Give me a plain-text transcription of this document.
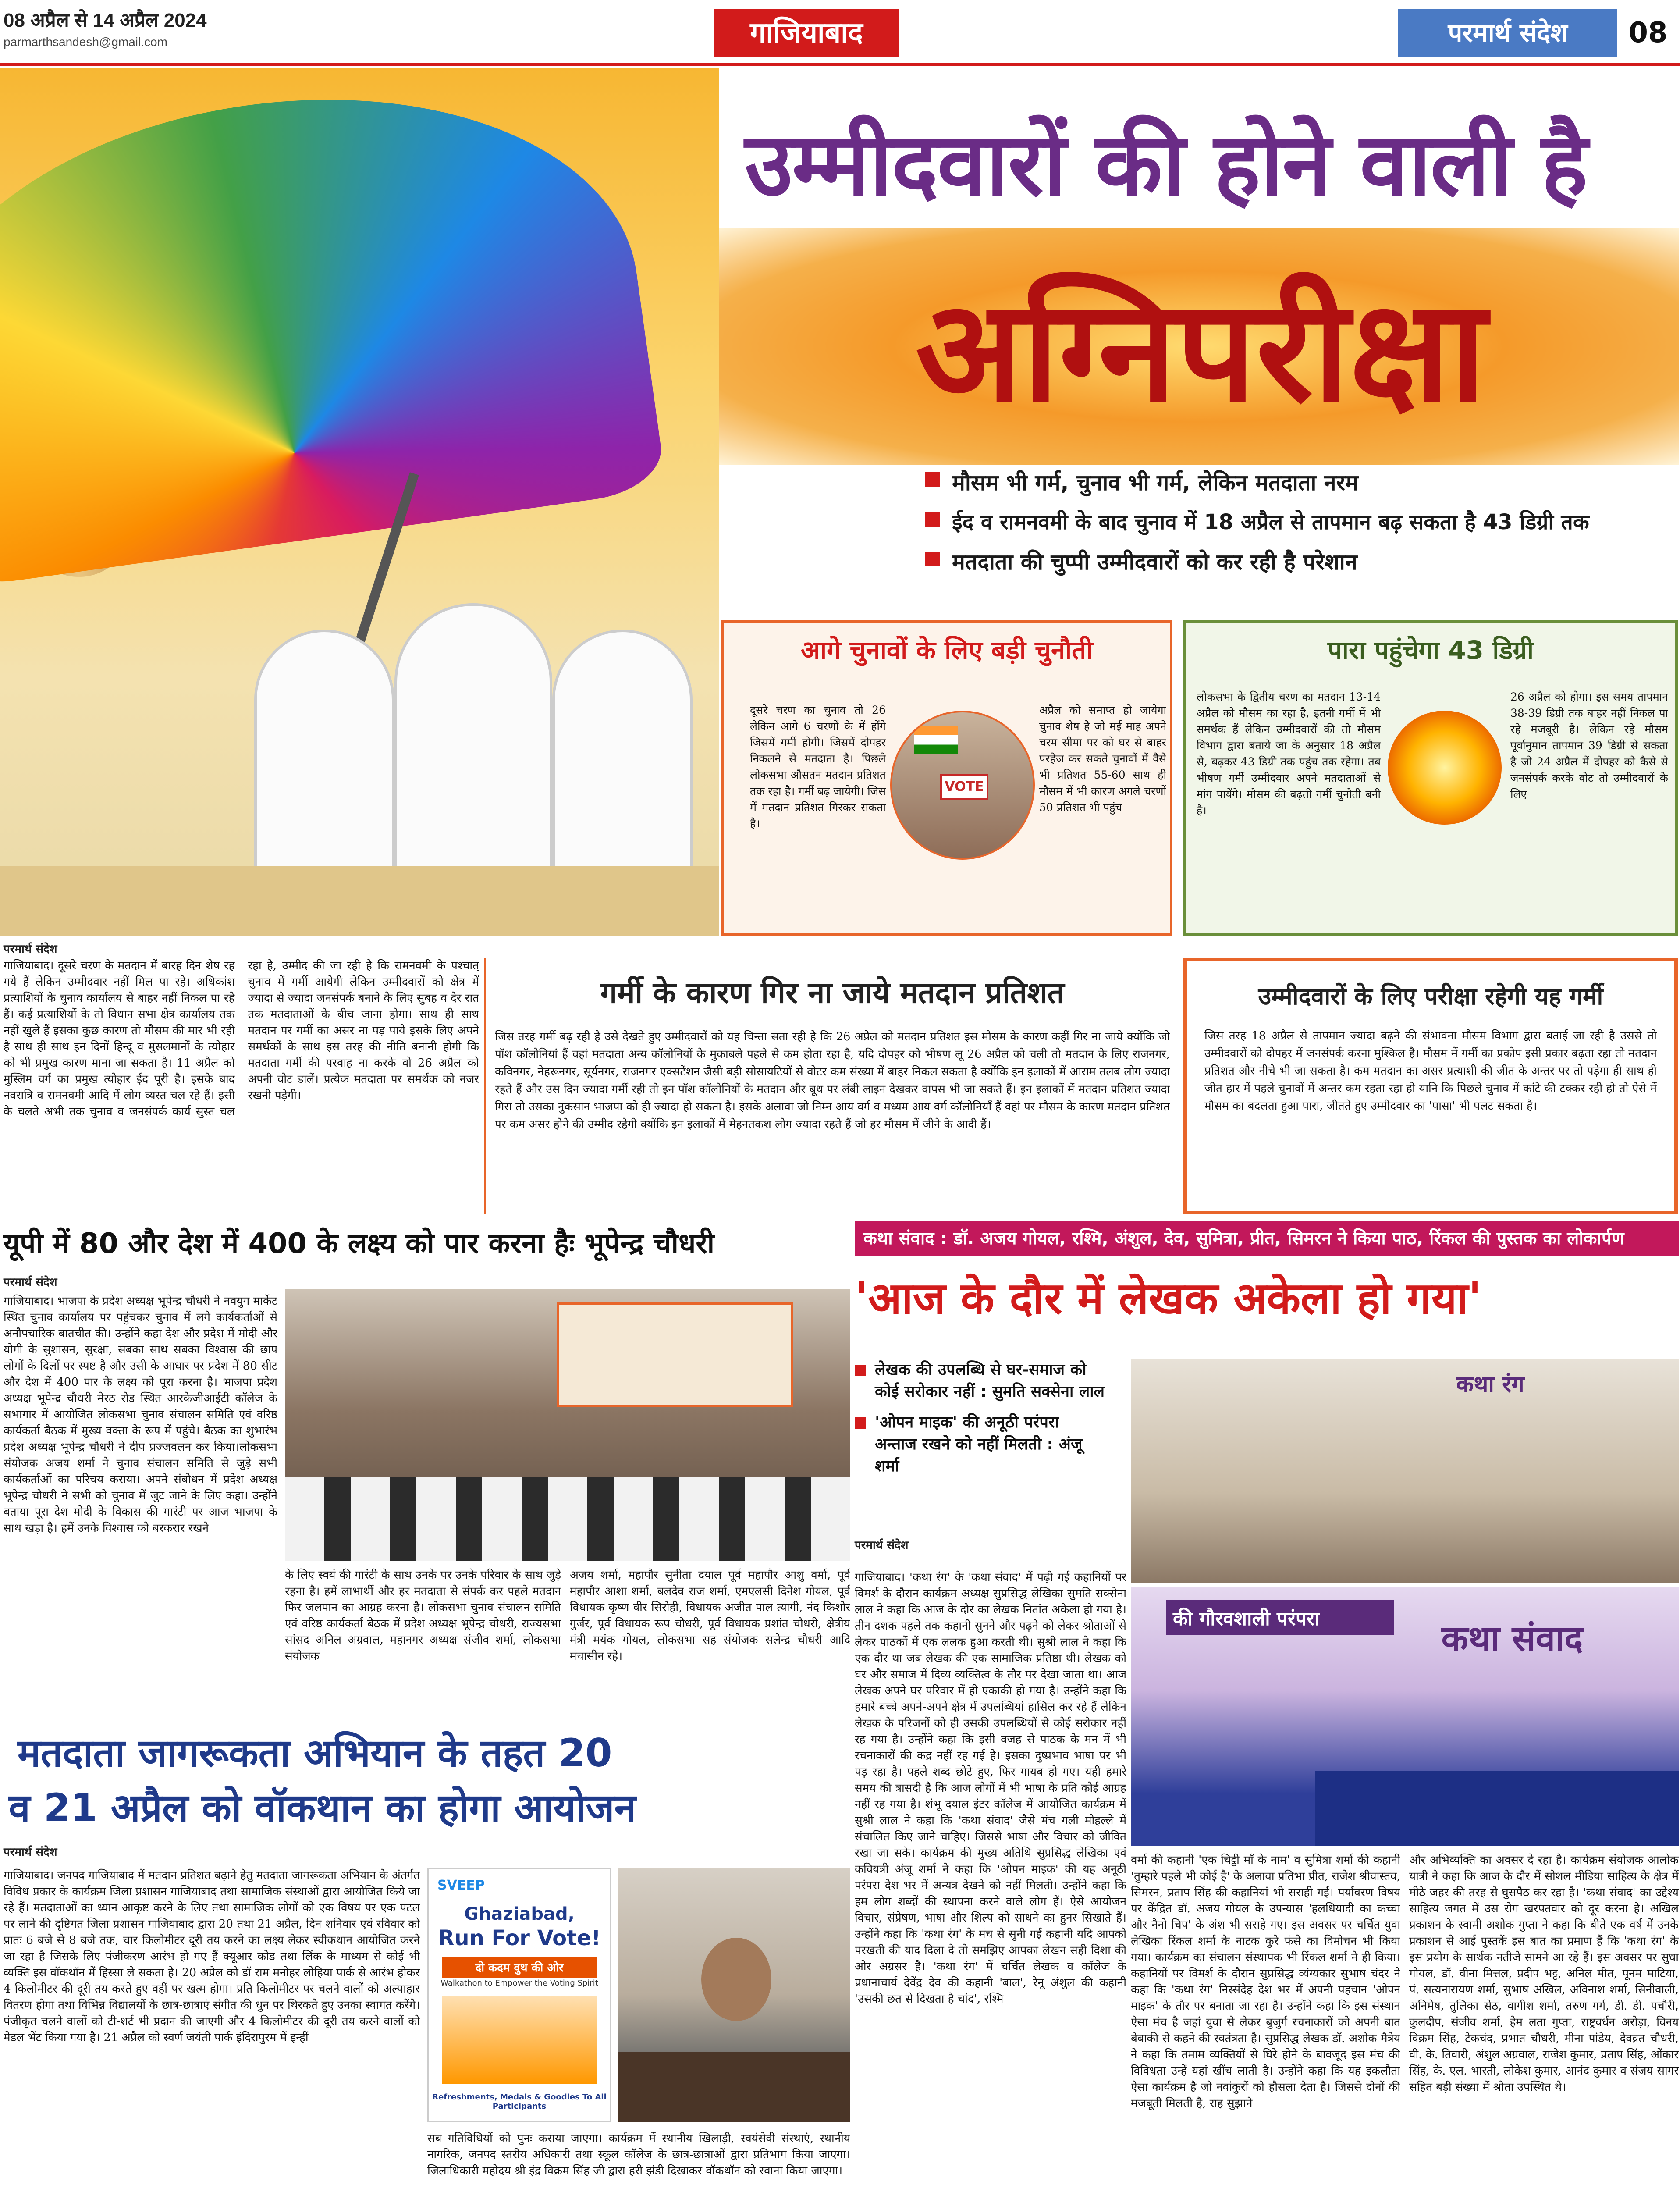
08 अप्रैल से 14 अप्रैल 2024
parmarthsandesh@gmail.com	गाजियाबाद	परमार्थ संदेश	08
उम्मीदवारों की होने वाली है
अग्निपरीक्षा
मौसम भी गर्म, चुनाव भी गर्म, लेकिन मतदाता नरम
ईद व रामनवमी के बाद चुनाव में 18 अप्रैल से तापमान बढ़ सकता है 43 डिग्री तक
मतदाता की चुप्पी उम्मीदवारों को कर रही है परेशान
आगे चुनावों के लिए बड़ी चुनौती
दूसरे चरण का चुनाव तो 26 लेकिन आगे 6 चरणों के में होंगे जिसमें गर्मी होगी। जिसमें दोपहर निकलने से मतदाता है। पिछले लोकसभा औसतन मतदान प्रतिशत तक रहा है। गर्मी बढ़ जायेगी। जिस में मतदान प्रतिशत गिरकर सकता है।
VOTE
अप्रैल को समाप्त हो जायेगा चुनाव शेष है जो मई माह अपने चरम सीमा पर को घर से बाहर परहेज कर सकते चुनावों में वैसे भी प्रतिशत 55-60 साथ ही मौसम में भी कारण अगले चरणों 50 प्रतिशत भी पहुंच
पारा पहुंचेगा 43 डिग्री
लोकसभा के द्वितीय चरण का मतदान 13-14 अप्रैल को मौसम का रहा है, इतनी गर्मी में भी समर्थक हैं लेकिन उम्मीदवारों की तो मौसम विभाग द्वारा बताये जा के अनुसार 18 अप्रैल से, बढ़कर 43 डिग्री तक पहुंच तक रहेगा। तब भीषण गर्मी उम्मीदवार अपने मतदाताओं से मांग पायेंगे। मौसम की बढ़ती गर्मी चुनौती बनी है।
26 अप्रैल को होगा। इस समय तापमान 38-39 डिग्री तक बाहर नहीं निकल पा रहे मजबूरी है। लेकिन रहे मौसम पूर्वानुमान तापमान 39 डिग्री से सकता है जो 24 अप्रैल में दोपहर को कैसे से जनसंपर्क करके वोट तो उम्मीदवारों के लिए
परमार्थ संदेश
गाजियाबाद। दूसरे चरण के मतदान में बारह दिन शेष रह गये हैं लेकिन उम्मीदवार नहीं मिल पा रहे। अधिकांश प्रत्याशियों के चुनाव कार्यालय से बाहर नहीं निकल पा रहे हैं। कई प्रत्याशियों के तो विधान सभा क्षेत्र कार्यालय तक नहीं खुले हैं इसका कुछ कारण तो मौसम की मार भी रही है साथ ही साथ इन दिनों हिन्दू व मुसलमानों के त्योहार को भी प्रमुख कारण माना जा सकता है। 11 अप्रैल को मुस्लिम वर्ग का प्रमुख त्योहार ईद पूरी है। इसके बाद नवरात्रि व रामनवमी आदि में लोग व्यस्त चल रहे हैं। इसी के चलते अभी तक चुनाव व जनसंपर्क कार्य सुस्त चल रहा है, उम्मीद की जा रही है कि रामनवमी के पश्चात् चुनाव में गर्मी आयेगी लेकिन उम्मीदवारों को क्षेत्र में ज्यादा से ज्यादा जनसंपर्क बनाने के लिए सुबह व देर रात तक मतदाताओं के बीच जाना होगा। साथ ही साथ मतदान पर गर्मी का असर ना पड़ पाये इसके लिए अपने समर्थकों के साथ इस तरह की नीति बनानी होगी कि मतदाता गर्मी की परवाह ना करके वो 26 अप्रैल को अपनी वोट डालें। प्रत्येक मतदाता पर समर्थक को नजर रखनी पड़ेगी।
गर्मी के कारण गिर ना जाये मतदान प्रतिशत
जिस तरह गर्मी बढ़ रही है उसे देखते हुए उम्मीदवारों को यह चिन्ता सता रही है कि 26 अप्रैल को मतदान प्रतिशत इस मौसम के कारण कहीं गिर ना जाये क्योंकि जो पॉश कॉलोनियां हैं वहां मतदाता अन्य कॉलोनियों के मुकाबले पहले से कम होता रहा है, यदि दोपहर को भीषण लू 26 अप्रैल को चली तो मतदान के लिए राजनगर, कविनगर, नेहरूनगर, सूर्यनगर, राजनगर एक्सटेंशन जैसी बड़ी सोसायटियों से वोटर कम संख्या में बाहर निकल सकता है क्योंकि इन इलाकों में आराम तलब लोग ज्यादा रहते हैं और उस दिन ज्यादा गर्मी रही तो इन पॉश कॉलोनियों के मतदान और बूथ पर लंबी लाइन देखकर वापस भी जा सकते हैं। इन इलाकों में मतदान प्रतिशत ज्यादा गिरा तो उसका नुकसान भाजपा को ही ज्यादा हो सकता है। इसके अलावा जो निम्न आय वर्ग व मध्यम आय वर्ग कॉलोनियाँ हैं वहां पर मौसम के कारण मतदान प्रतिशत पर कम असर होने की उम्मीद रहेगी क्योंकि इन इलाकों में मेहनतकश लोग ज्यादा रहते हैं जो हर मौसम में जीने के आदी हैं।
उम्मीदवारों के लिए परीक्षा रहेगी यह गर्मी
जिस तरह 18 अप्रैल से तापमान ज्यादा बढ़ने की संभावना मौसम विभाग द्वारा बताई जा रही है उससे तो उम्मीदवारों को दोपहर में जनसंपर्क करना मुश्किल है। मौसम में गर्मी का प्रकोप इसी प्रकार बढ़ता रहा तो मतदान प्रतिशत और नीचे भी जा सकता है। कम मतदान का असर प्रत्याशी की जीत के अन्तर पर तो पड़ेगा ही साथ ही जीत-हार में पहले चुनावों में अन्तर कम रहता रहा हो यानि कि पिछले चुनाव में कांटे की टक्कर रही हो तो ऐसे में मौसम का बदलता हुआ पारा, जीतते हुए उम्मीदवार का 'पासा' भी पलट सकता है।
यूपी में 80 और देश में 400 के लक्ष्य को पार करना हैः भूपेन्द्र चौधरी
परमार्थ संदेश
गाजियाबाद। भाजपा के प्रदेश अध्यक्ष भूपेन्द्र चौधरी ने नवयुग मार्केट स्थित चुनाव कार्यालय पर पहुंचकर चुनाव में लगे कार्यकर्ताओं से अनौपचारिक बातचीत की। उन्होंने कहा देश और प्रदेश में मोदी और योगी के सुशासन, सुरक्षा, सबका साथ सबका विश्वास की छाप लोगों के दिलों पर स्पष्ट है और उसी के आधार पर प्रदेश में 80 सीट और देश में 400 पार के लक्ष्य को पूरा करना है। भाजपा प्रदेश अध्यक्ष भूपेन्द्र चौधरी मेरठ रोड स्थित आरकेजीआईटी कॉलेज के सभागार में आयोजित लोकसभा चुनाव संचालन समिति एवं वरिष्ठ कार्यकर्ता बैठक में मुख्य वक्ता के रूप में पहुंचे। बैठक का शुभारंभ प्रदेश अध्यक्ष भूपेन्द्र चौधरी ने दीप प्रज्जवलन कर किया।लोकसभा संयोजक अजय शर्मा ने चुनाव संचालन समिति से जुड़े सभी कार्यकर्ताओं का परिचय कराया। अपने संबोधन में प्रदेश अध्यक्ष भूपेन्द्र चौधरी ने सभी को चुनाव में जुट जाने के लिए कहा। उन्होंने बताया पूरा देश मोदी के विकास की गारंटी पर आज भाजपा के साथ खड़ा है। हमें उनके विश्वास को बरकरार रखने
के लिए स्वयं की गारंटी के साथ उनके पर उनके परिवार के साथ जुड़े रहना है। हमें लाभार्थी और हर मतदाता से संपर्क कर पहले मतदान फिर जलपान का आग्रह करना है। लोकसभा चुनाव संचालन समिति एवं वरिष्ठ कार्यकर्ता बैठक में प्रदेश अध्यक्ष भूपेन्द्र चौधरी, राज्यसभा सांसद अनिल अग्रवाल, महानगर अध्यक्ष संजीव शर्मा, लोकसभा संयोजक
अजय शर्मा, महापौर सुनीता दयाल पूर्व महापौर आशु वर्मा, पूर्व महापौर आशा शर्मा, बलदेव राज शर्मा, एमएलसी दिनेश गोयल, पूर्व विधायक कृष्ण वीर सिरोही, विधायक अजीत पाल त्यागी, नंद किशोर गुर्जर, पूर्व विधायक रूप चौधरी, पूर्व विधायक प्रशांत चौधरी, क्षेत्रीय मंत्री मयंक गोयल, लोकसभा सह संयोजक सलेन्द्र चौधरी आदि मंचासीन रहे।
कथा संवाद : डॉ. अजय गोयल, रश्मि, अंशुल, देव, सुमित्रा, प्रीत, सिमरन ने किया पाठ, रिंकल की पुस्तक का लोकार्पण
'आज के दौर में लेखक अकेला हो गया'
लेखक की उपलब्धि से घर-समाज को कोई सरोकार नहीं : सुमति सक्सेना लाल
'ओपन माइक' की अनूठी परंपरा अन्ताज रखने को नहीं मिलती : अंजू शर्मा
परमार्थ संदेश
कथा रंग
की गौरवशाली परंपरा	कथा संवाद
गाजियाबाद। 'कथा रंग' के 'कथा संवाद' में पढ़ी गई कहानियों पर विमर्श के दौरान कार्यक्रम अध्यक्ष सुप्रसिद्ध लेखिका सुमति सक्सेना लाल ने कहा कि आज के दौर का लेखक नितांत अकेला हो गया है। तीन दशक पहले तक कहानी सुनने और पढ़ने को लेकर श्रोताओं से लेकर पाठकों में एक ललक हुआ करती थी। सुश्री लाल ने कहा कि एक दौर था जब लेखक की एक सामाजिक प्रतिष्ठा थी। लेखक को घर और समाज में दिव्य व्यक्तित्व के तौर पर देखा जाता था। आज लेखक अपने घर परिवार में ही एकाकी हो गया है। उन्होंने कहा कि हमारे बच्चे अपने-अपने क्षेत्र में उपलब्धियां हासिल कर रहे हैं लेकिन लेखक के परिजनों को ही उसकी उपलब्धियों से कोई सरोकार नहीं रह गया है। उन्होंने कहा कि इसी वजह से पाठक के मन में भी रचनाकारों की कद्र नहीं रह गई है। इसका दुष्प्रभाव भाषा पर भी पड़ रहा है। पहले शब्द छोटे हुए, फिर गायब हो गए। यही हमारे समय की त्रासदी है कि आज लोगों में भी भाषा के प्रति कोई आग्रह नहीं रह गया है। शंभू दयाल इंटर कॉलेज में आयोजित कार्यक्रम में सुश्री लाल ने कहा कि 'कथा संवाद' जैसे मंच गली मोहल्ले में संचालित किए जाने चाहिए। जिससे भाषा और विचार को जीवित रखा जा सके। कार्यक्रम की मुख्य अतिथि सुप्रसिद्ध लेखिका एवं कवियत्री अंजू शर्मा ने कहा कि 'ओपन माइक' की यह अनूठी परंपरा देश भर में अन्यत्र देखने को नहीं मिलती। उन्होंने कहा कि हम लोग शब्दों की स्थापना करने वाले लोग हैं। ऐसे आयोजन विचार, संप्रेषण, भाषा और शिल्प को साधने का हुनर सिखाते हैं। उन्होंने कहा कि 'कथा रंग' के मंच से सुनी गई कहानी यदि आपको परखती की याद दिला दे तो समझिए आपका लेखन सही दिशा की ओर अग्रसर है। 'कथा रंग' में चर्चित लेखक व कॉलेज के प्रधानाचार्य देवेंद्र देव की कहानी 'बाल', रेनू अंशुल की कहानी 'उसकी छत से दिखता है चांद', रश्मि
वर्मा की कहानी 'एक चिट्ठी माँ के नाम' व सुमित्रा शर्मा की कहानी 'तुम्हारे पहले भी कोई है' के अलावा प्रतिभा प्रीत, राजेश श्रीवास्तव, सिमरन, प्रताप सिंह की कहानियां भी सराही गईं। पर्यावरण विषय पर केंद्रित डॉ. अजय गोयल के उपन्यास 'हलधियादी का कच्चा और नैनो चिप' के अंश भी सराहे गए। इस अवसर पर चर्चित युवा लेखिका रिंकल शर्मा के नाटक कुरे फंसे का विमोचन भी किया गया। कार्यक्रम का संचालन संस्थापक भी रिंकल शर्मा ने ही किया। कहानियों पर विमर्श के दौरान सुप्रसिद्ध व्यंग्यकार सुभाष चंदर ने कहा कि 'कथा रंग' निस्संदेह देश भर में अपनी पहचान 'ओपन माइक' के तौर पर बनाता जा रहा है। उन्होंने कहा कि इस संस्थान ऐसा मंच है जहां युवा से लेकर बुजुर्ग रचनाकारों को अपनी बात बेबाकी से कहने की स्वतंत्रता है। सुप्रसिद्ध लेखक डॉ. अशोक मैत्रेय ने कहा कि तमाम व्यक्तियों से घिरे होने के बावजूद इस मंच की विविधता उन्हें यहां खींच लाती है। उन्होंने कहा कि यह इकलौता ऐसा कार्यक्रम है जो नवांकुरों को हौसला देता है। जिससे दोनों की मजबूती मिलती है, राह सुझाने
और अभिव्यक्ति का अवसर दे रहा है। कार्यक्रम संयोजक आलोक यात्री ने कहा कि आज के दौर में सोशल मीडिया साहित्य के क्षेत्र में मीठे जहर की तरह से घुसपैठ कर रहा है। 'कथा संवाद' का उद्देश्य साहित्य जगत में उस रोग खरपतवार को दूर करना है। अखिल प्रकाशन के स्वामी अशोक गुप्ता ने कहा कि बीते एक वर्ष में उनके प्रकाशन से आई पुस्तकें इस बात का प्रमाण हैं कि 'कथा रंग' के इस प्रयोग के सार्थक नतीजे सामने आ रहे हैं। इस अवसर पर सुधा गोयल, डॉ. वीना मित्तल, प्रदीप भट्ट, अनिल मीत, पूनम माटिया, पं. सत्यनारायण शर्मा, सुभाष अखिल, अविनाश शर्मा, सिनीवाली, अनिमेष, तुलिका सेठ, वागीश शर्मा, तरुण गर्ग, डी. डी. पचौरी, कुलदीप, संजीव शर्मा, हेम लता गुप्ता, राष्ट्रवर्धन अरोड़ा, विनय विक्रम सिंह, टेकचंद, प्रभात चौधरी, मीना पांडेय, देवव्रत चौधरी, वी. के. तिवारी, अंशुल अग्रवाल, राजेश कुमार, प्रताप सिंह, ओंकार सिंह, के. एल. भारती, लोकेश कुमार, आनंद कुमार व संजय सागर सहित बड़ी संख्या में श्रोता उपस्थित थे।
मतदाता जागरूकता अभियान के तहत 20
व 21 अप्रैल को वॉकथान का होगा आयोजन
परमार्थ संदेश
गाजियाबाद। जनपद गाजियाबाद में मतदान प्रतिशत बढ़ाने हेतु मतदाता जागरूकता अभियान के अंतर्गत विविध प्रकार के कार्यक्रम जिला प्रशासन गाजियाबाद तथा सामाजिक संस्थाओं द्वारा आयोजित किये जा रहे हैं। मतदाताओं का ध्यान आकृष्ट करने के लिए तथा सामाजिक लोगों को एक विषय पर एक पटल पर लाने की दृष्टिगत जिला प्रशासन गाजियाबाद द्वारा 20 तथा 21 अप्रैल, दिन शनिवार एवं रविवार को प्रातः 6 बजे से 8 बजे तक, चार किलोमीटर दूरी तय करने का लक्ष्य लेकर स्वीकथान आयोजित करने जा रहा है जिसके लिए पंजीकरण आरंभ हो गए हैं क्यूआर कोड तथा लिंक के माध्यम से कोई भी व्यक्ति इस वॉकथॉन में हिस्सा ले सकता है। 20 अप्रैल को डॉ राम मनोहर लोहिया पार्क से आरंभ होकर 4 किलोमीटर की दूरी तय करते हुए वहीं पर खत्म होगा। प्रति किलोमीटर पर चलने वालों को अल्पाहार वितरण होगा तथा विभिन्न विद्यालयों के छात्र-छात्राएं संगीत की धुन पर थिरकते हुए उनका स्वागत करेंगे। पंजीकृत चलने वालों को टी-शर्ट भी प्रदान की जाएगी और 4 किलोमीटर की दूरी तय करने वालों को मेडल भेंट किया गया है। 21 अप्रैल को स्वर्ण जयंती पार्क इंदिरापुरम में इन्हीं
SVEEP
Ghaziabad,
Run For Vote!
दो कदम वुथ की ओर
Walkathon to Empower the Voting Spirit
Refreshments, Medals & Goodies To All Participants
सब गतिविधियों को पुनः कराया जाएगा। कार्यक्रम में स्थानीय खिलाड़ी, स्वयंसेवी संस्थाएं, स्थानीय नागरिक, जनपद स्तरीय अधिकारी तथा स्कूल कॉलेज के छात्र-छात्राओं द्वारा प्रतिभाग किया जाएगा। जिलाधिकारी महोदय श्री इंद्र विक्रम सिंह जी द्वारा हरी झंडी दिखाकर वॉकथॉन को रवाना किया जाएगा।
